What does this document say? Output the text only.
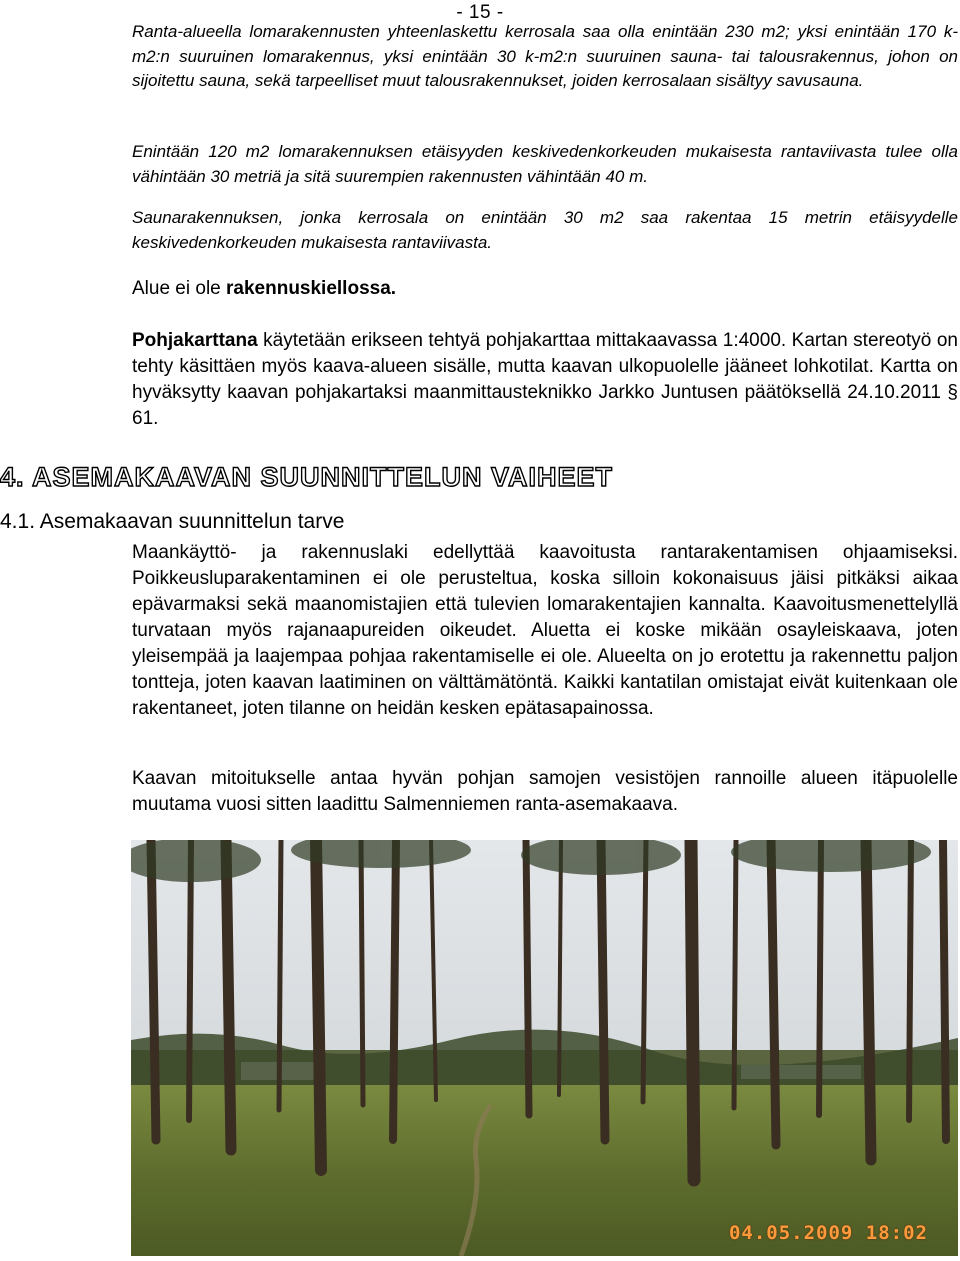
- 15 -

Ranta-alueella lomarakennusten yhteenlaskettu kerrosala saa olla enintään 230 m2; yksi enintään 170 k-m2:n suuruinen lomarakennus, yksi enintään 30 k-m2:n suuruinen sauna- tai talousrakennus, johon on sijoitettu sauna, sekä tarpeelliset muut talousrakennukset, joiden kerrosalaan sisältyy savusauna.

Enintään 120 m2 lomarakennuksen etäisyyden keskivedenkorkeuden mukaisesta rantaviivasta tulee olla vähintään 30 metriä ja sitä suurempien rakennusten vähintään 40 m.

Saunarakennuksen, jonka kerrosala on enintään 30 m2 saa rakentaa 15 metrin etäisyydelle keskivedenkorkeuden mukaisesta rantaviivasta.

Alue ei ole rakennuskiellossa.

Pohjakarttana käytetään erikseen tehtyä pohjakarttaa mittakaavassa 1:4000. Kartan stereotyö on tehty käsittäen myös kaava-alueen sisälle, mutta kaavan ulkopuolelle jääneet lohkotilat. Kartta on hyväksytty kaavan pohjakartaksi maanmittausteknikko Jarkko Juntusen päätöksellä 24.10.2011 § 61.

4. ASEMAKAAVAN SUUNNITTELUN VAIHEET
4.1. Asemakaavan suunnittelun tarve

Maankäyttö- ja rakennuslaki edellyttää kaavoitusta rantarakentamisen ohjaamiseksi. Poikkeusluparakentaminen ei ole perusteltua, koska silloin kokonaisuus jäisi pitkäksi aikaa epävarmaksi sekä maanomistajien että tulevien lomarakentajien kannalta. Kaavoitusmenettelyllä turvataan myös rajanaapureiden oikeudet. Aluetta ei koske mikään osayleiskaava, joten yleisempää ja laajempaa pohjaa rakentamiselle ei ole. Alueelta on jo erotettu ja rakennettu paljon tontteja, joten kaavan laatiminen on välttämätöntä. Kaikki kantatilan omistajat eivät kuitenkaan ole rakentaneet, joten tilanne on heidän kesken epätasapainossa.

Kaavan mitoitukselle antaa hyvän pohjan samojen vesistöjen rannoille alueen itäpuolelle muutama vuosi sitten laadittu Salmenniemen ranta-asemakaava.

04.05.2009 18:02
